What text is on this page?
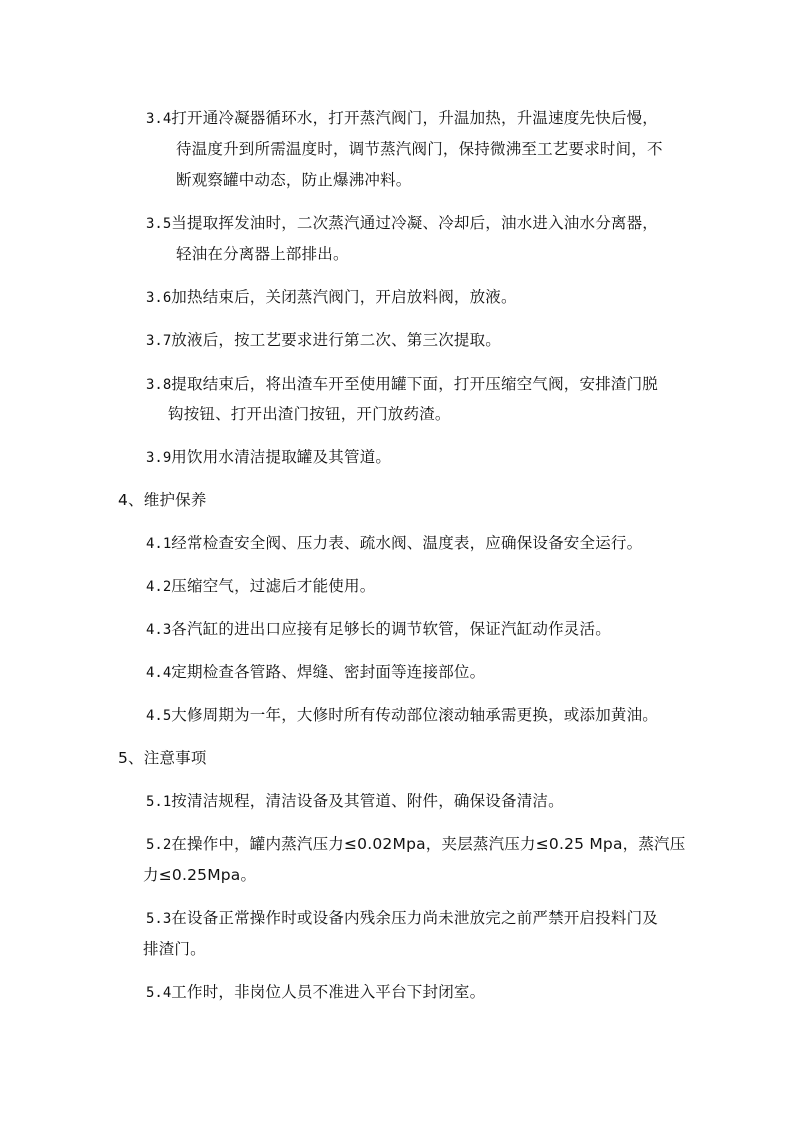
3.4打开通冷凝器循环水，打开蒸汽阀门，升温加热，升温速度先快后慢，
待温度升到所需温度时，调节蒸汽阀门，保持微沸至工艺要求时间，不
断观察罐中动态，防止爆沸冲料。
3.5当提取挥发油时，二次蒸汽通过冷凝、冷却后，油水进入油水分离器，
轻油在分离器上部排出。
3.6加热结束后，关闭蒸汽阀门，开启放料阀，放液。
3.7放液后，按工艺要求进行第二次、第三次提取。
3.8提取结束后，将出渣车开至使用罐下面，打开压缩空气阀，安排渣门脱
钩按钮、打开出渣门按钮，开门放药渣。
3.9用饮用水清洁提取罐及其管道。
4、维护保养
4.1经常检查安全阀、压力表、疏水阀、温度表，应确保设备安全运行。
4.2压缩空气，过滤后才能使用。
4.3各汽缸的进出口应接有足够长的调节软管，保证汽缸动作灵活。
4.4定期检查各管路、焊缝、密封面等连接部位。
4.5大修周期为一年，大修时所有传动部位滚动轴承需更换，或添加黄油。
5、注意事项
5.1按清洁规程，清洁设备及其管道、附件，确保设备清洁。
5.2在操作中，罐内蒸汽压力≤0.02Mpa，夹层蒸汽压力≤0.25 Mpa，蒸汽压
力≤0.25Mpa。
5.3在设备正常操作时或设备内残余压力尚未泄放完之前严禁开启投料门及
排渣门。
5.4工作时，非岗位人员不准进入平台下封闭室。
